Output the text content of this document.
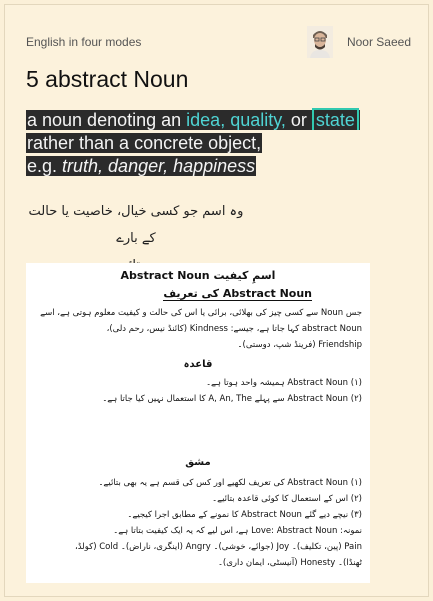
English in four modes	Noor Saeed
5 abstract Noun
a noun denoting an idea, quality, or state
rather than a concrete object,
e.g. truth, danger, happiness
وہ اسم جو کسی خیال، خاصیت یا حالت کے بارے
اسمِ کیفیت Abstract Noun
Abstract Noun کی تعریف
جس Noun سے کسی چیز کی بھلائی، برائی یا اس کی حالت و کیفیت معلوم ہوتی ہے، اسے
abstract Noun کہا جاتا ہے، جیسے: Kindness (کائنڈ نیس، رحم دلی)،
Friendship (فرینڈ شپ، دوستی)۔
قاعدہ
(۱) Abstract Noun ہمیشہ واحد ہوتا ہے۔
(۲) Abstract Noun سے پہلے A, An, The کا استعمال نہیں کیا جاتا ہے۔
مشق
(۱) Abstract Noun کی تعریف لکھیے اور کس کی قسم ہے یہ بھی بتائیے۔
(۲) اس کے استعمال کا کوئی قاعدہ بتائیے۔
(۳) نیچے دیے گئے Abstract Noun کا نمونے کے مطابق اجرا کیجیے۔
نمونہ: Love: Abstract Noun ہے، اس لیے کہ یہ ایک کیفیت بتاتا ہے۔
Pain (پین، تکلیف)۔ Joy (جوائے، خوشی)۔ Angry (اینگری، ناراض)۔ Cold (کولڈ،
ٹھنڈا)۔ Honesty (آنیسٹی، ایمان داری)۔
